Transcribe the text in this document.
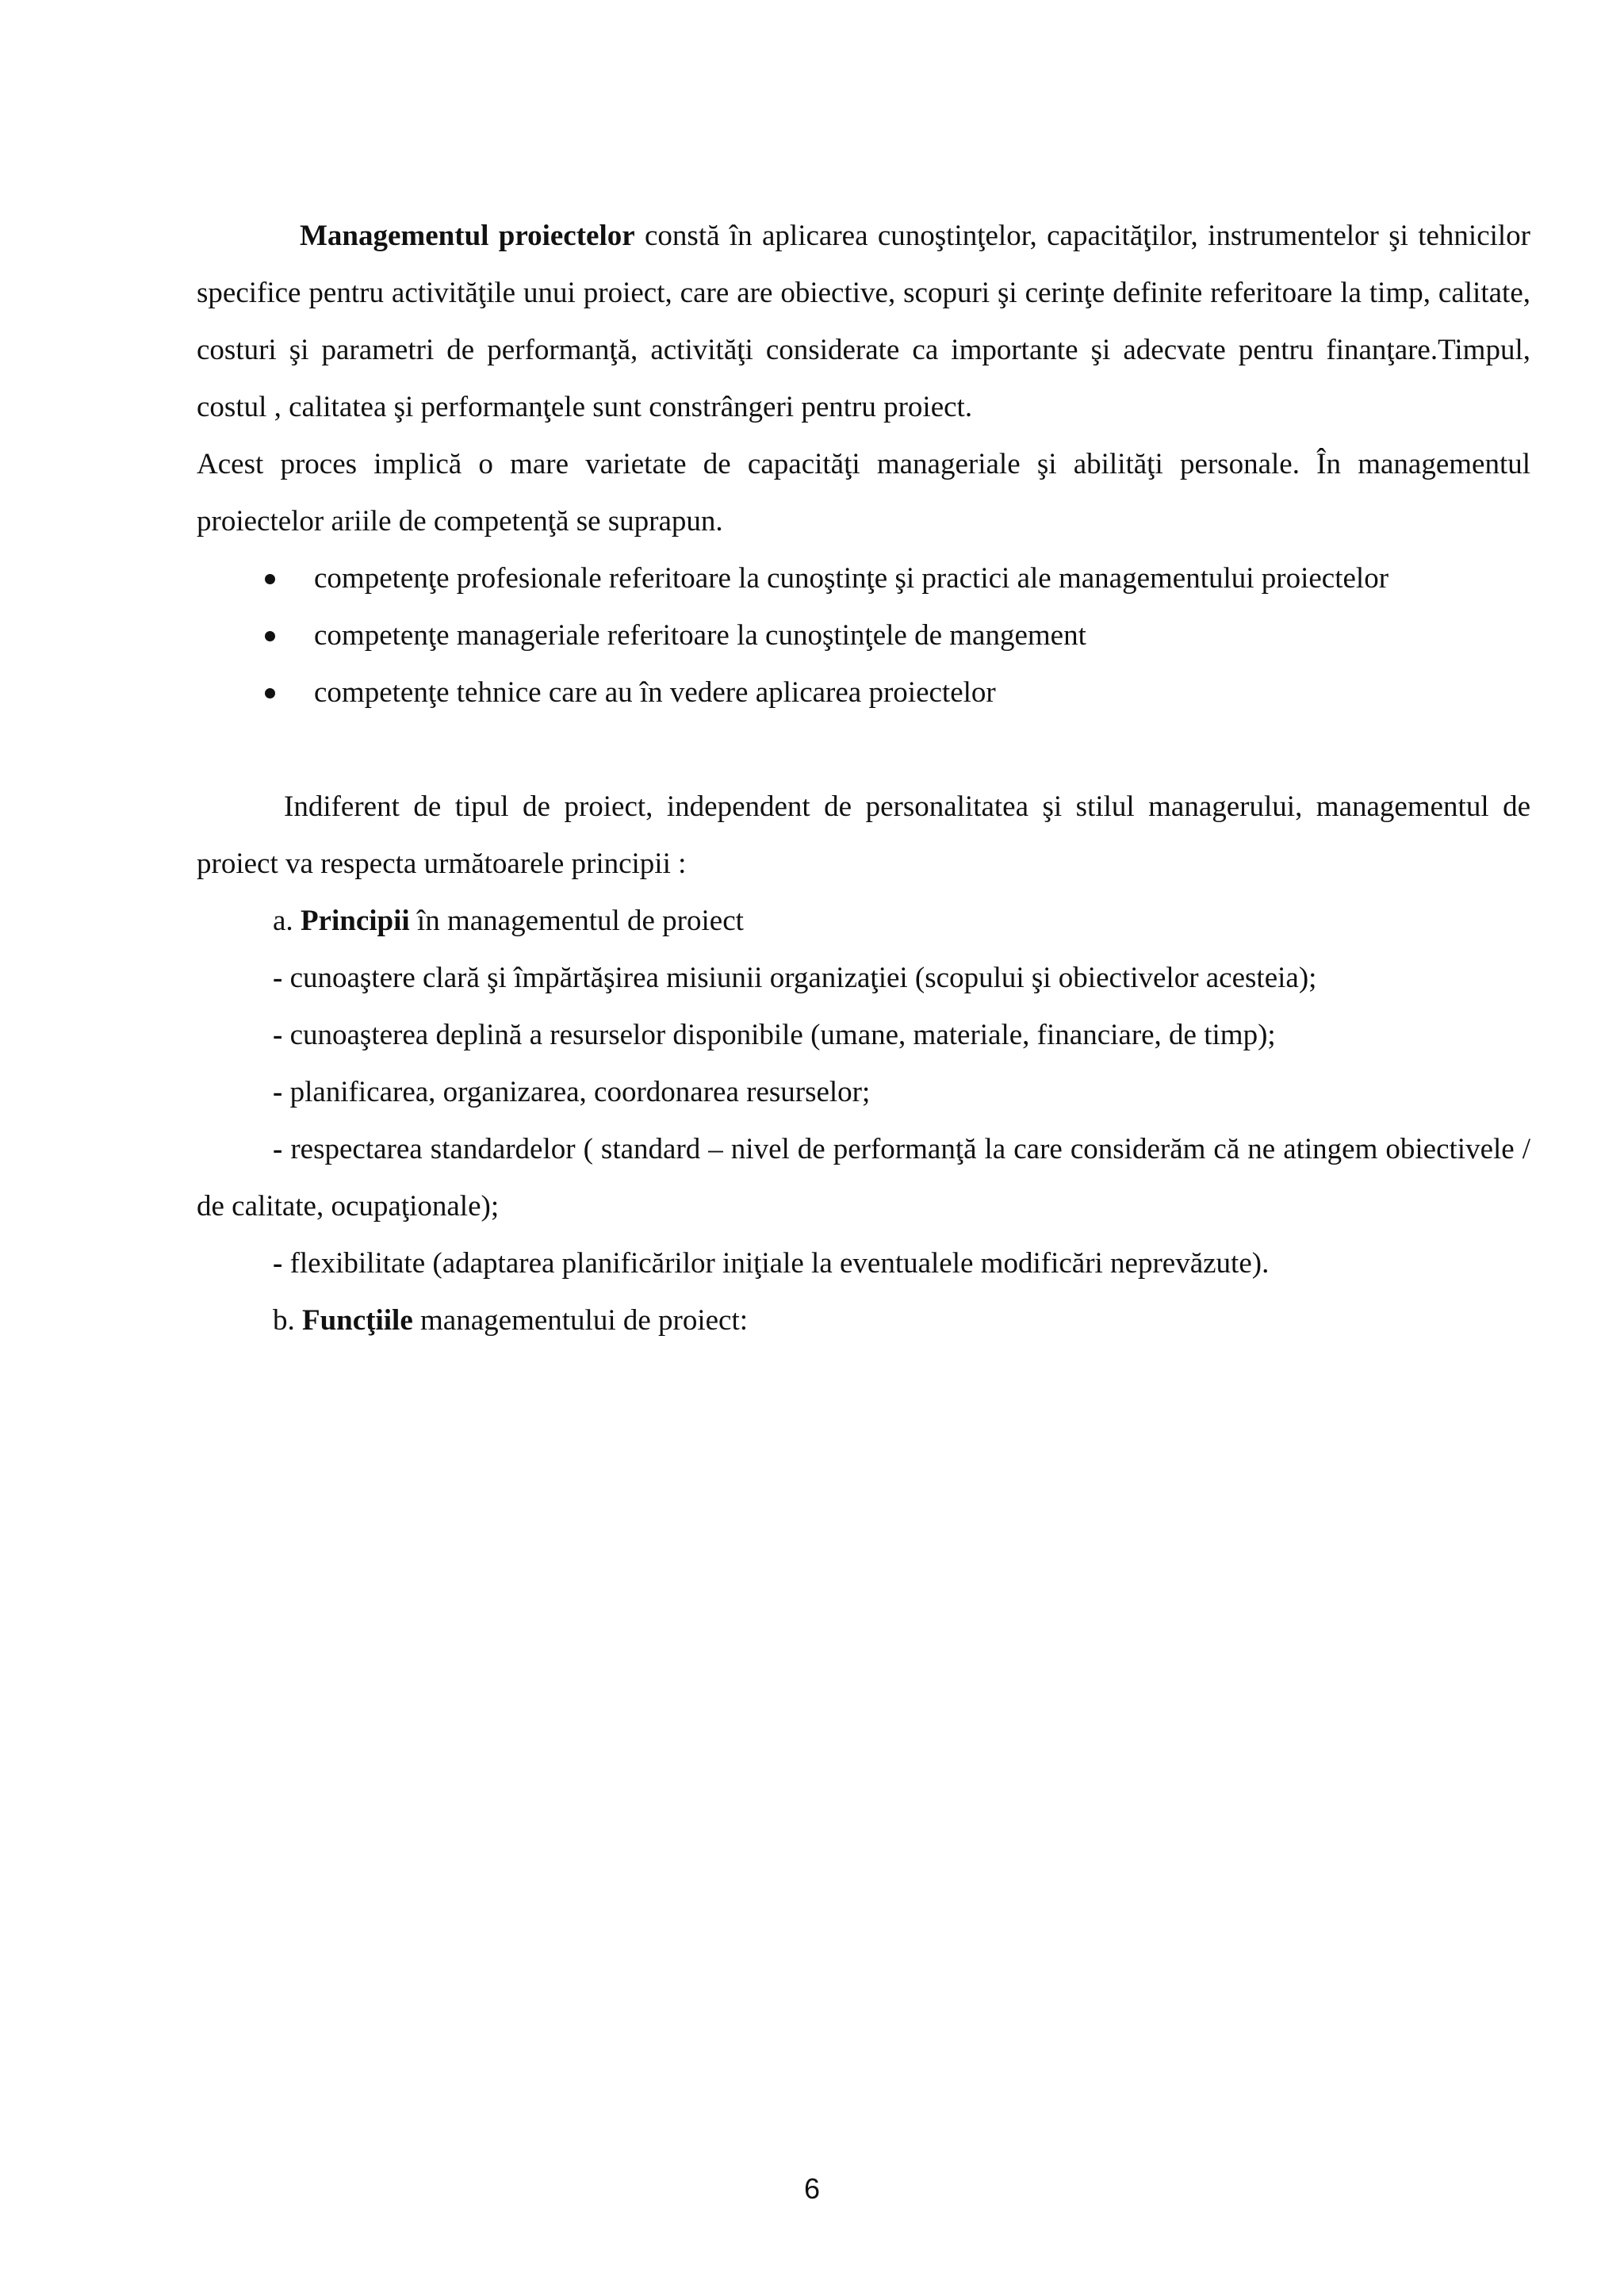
Managementul proiectelor constă în aplicarea cunoştinţelor, capacităţilor, instrumentelor şi tehnicilor specifice pentru activităţile unui proiect, care are obiective, scopuri şi cerinţe definite referitoare la timp, calitate, costuri şi parametri de performanţă, activităţi considerate ca importante şi adecvate pentru finanţare.Timpul, costul , calitatea şi performanţele sunt constrângeri pentru proiect.

Acest proces implică o mare varietate de capacităţi manageriale şi abilităţi personale. În managementul proiectelor ariile de competenţă se suprapun.

competenţe profesionale referitoare la cunoştinţe şi practici ale managementului proiectelor
competenţe manageriale referitoare la cunoştinţele de mangement
competenţe tehnice care au în vedere aplicarea proiectelor

Indiferent de tipul de proiect, independent de personalitatea şi stilul managerului, managementul de proiect va respecta următoarele principii :

a. Principii în managementul de proiect

- cunoaştere clară şi împărtăşirea misiunii organizaţiei (scopului şi obiectivelor acesteia);

- cunoaşterea deplină a resurselor disponibile (umane, materiale, financiare, de timp);

- planificarea, organizarea, coordonarea resurselor;

- respectarea standardelor ( standard – nivel de performanţă la care considerăm că ne atingem obiectivele / de calitate, ocupaţionale);

- flexibilitate (adaptarea planificărilor iniţiale la eventualele modificări neprevăzute).

b. Funcţiile managementului de proiect:

6
